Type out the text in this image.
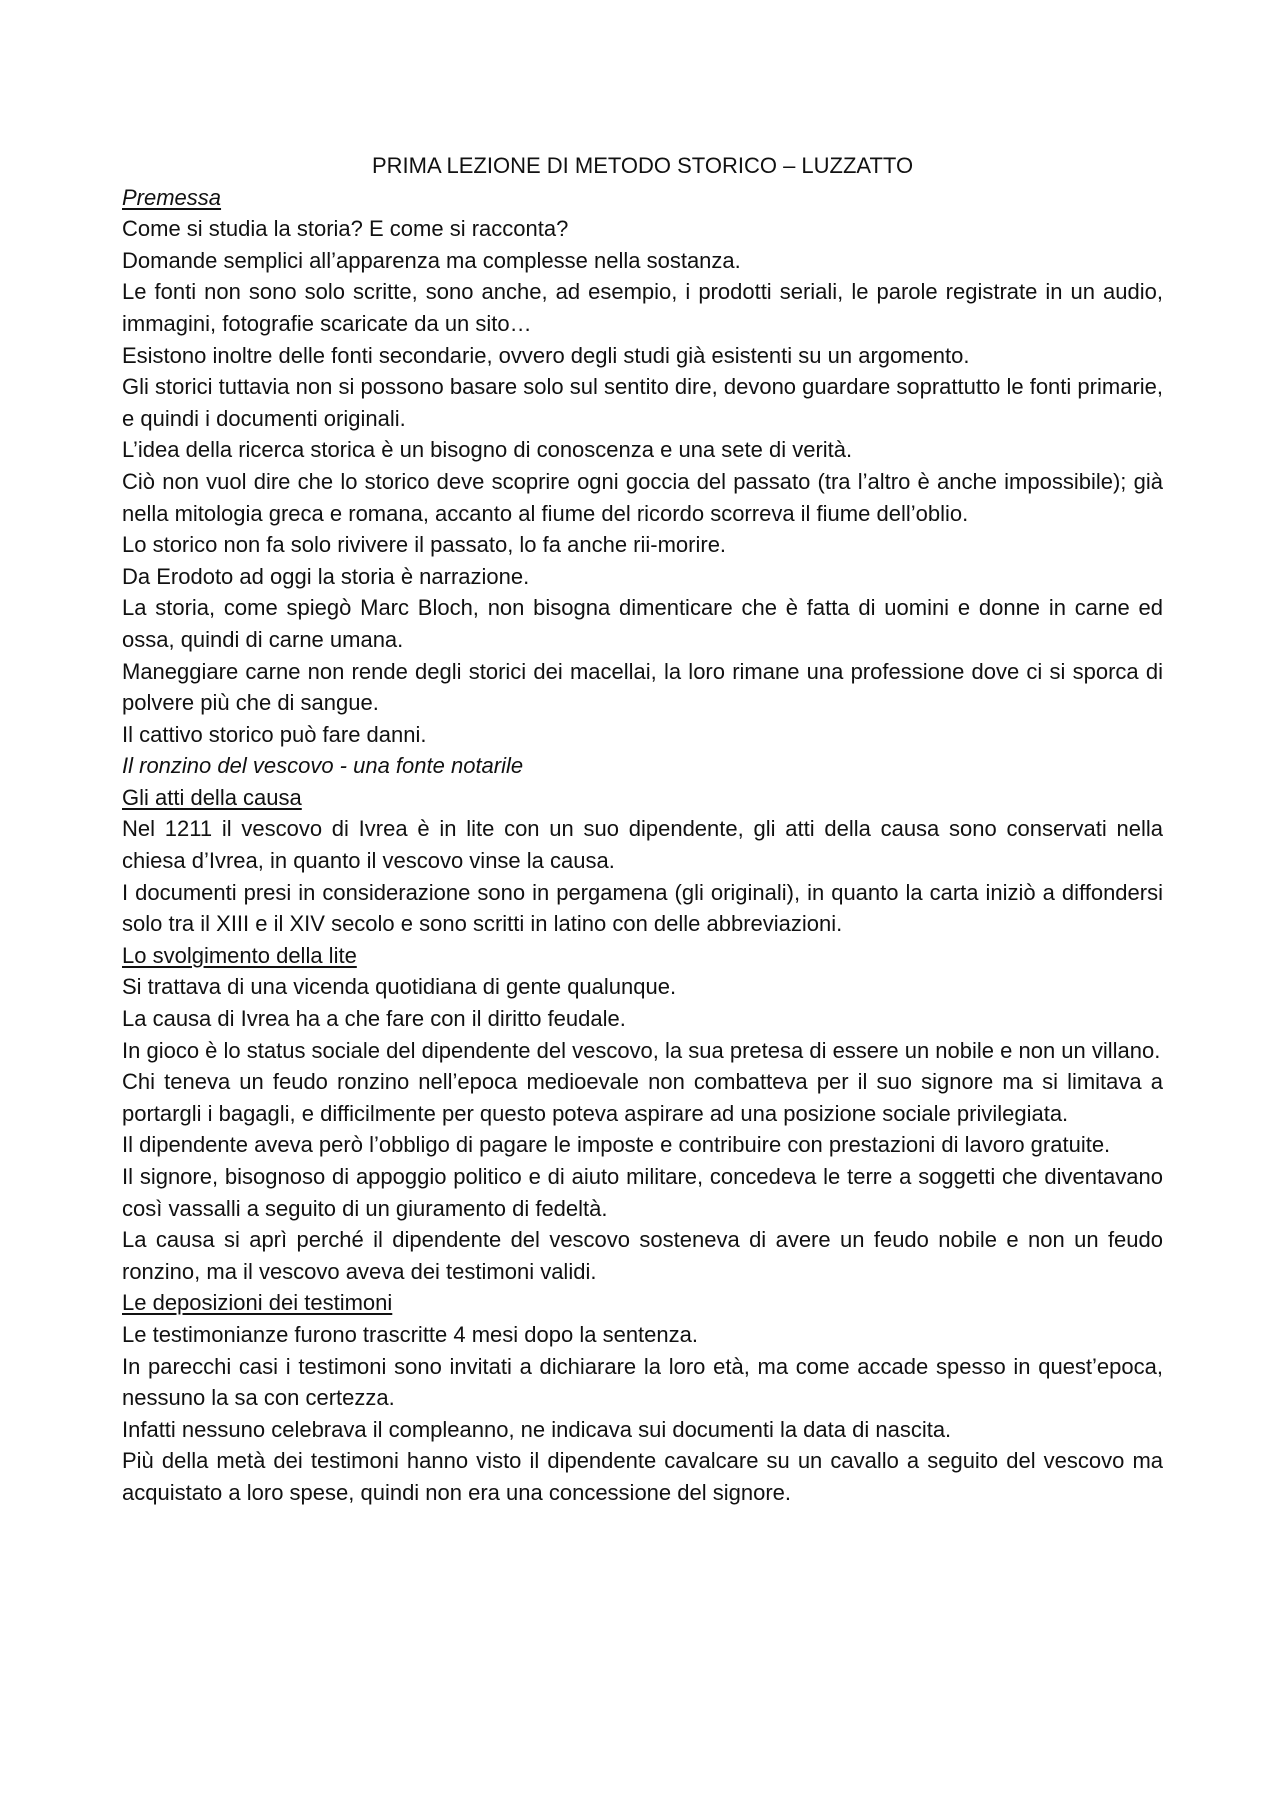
PRIMA LEZIONE DI METODO STORICO – LUZZATTO

Premessa

Come si studia la storia? E come si racconta?

Domande semplici all’apparenza ma complesse nella sostanza.

Le fonti non sono solo scritte, sono anche, ad esempio, i prodotti seriali, le parole registrate in un audio, immagini, fotografie scaricate da un sito…

Esistono inoltre delle fonti secondarie, ovvero degli studi già esistenti su un argomento.

Gli storici tuttavia non si possono basare solo sul sentito dire, devono guardare soprattutto le fonti primarie, e quindi i documenti originali.

L’idea della ricerca storica è un bisogno di conoscenza e una sete di verità.

Ciò non vuol dire che lo storico deve scoprire ogni goccia del passato (tra l’altro è anche impossibile); già nella mitologia greca e romana, accanto al fiume del ricordo scorreva il fiume dell’oblio.

Lo storico non fa solo rivivere il passato, lo fa anche rii-morire.

Da Erodoto ad oggi la storia è narrazione.

La storia, come spiegò Marc Bloch, non bisogna dimenticare che è fatta di uomini e donne in carne ed ossa, quindi di carne umana.

Maneggiare carne non rende degli storici dei macellai, la loro rimane una professione dove ci si sporca di polvere più che di sangue.

Il cattivo storico può fare danni.

Il ronzino del vescovo - una fonte notarile

Gli atti della causa

Nel 1211 il vescovo di Ivrea è in lite con un suo dipendente, gli atti della causa sono conservati nella chiesa d’Ivrea, in quanto il vescovo vinse la causa.

I documenti presi in considerazione sono in pergamena (gli originali), in quanto la carta iniziò a diffondersi solo tra il XIII e il XIV secolo e sono scritti in latino con delle abbreviazioni.

Lo svolgimento della lite

Si trattava di una vicenda quotidiana di gente qualunque.

La causa di Ivrea ha a che fare con il diritto feudale.

In gioco è lo status sociale del dipendente del vescovo, la sua pretesa di essere un nobile e non un villano.

Chi teneva un feudo ronzino nell’epoca medioevale non combatteva per il suo signore ma si limitava a portargli i bagagli, e difficilmente per questo poteva aspirare ad una posizione sociale privilegiata.

Il dipendente aveva però l’obbligo di pagare le imposte e contribuire con prestazioni di lavoro gratuite.

Il signore, bisognoso di appoggio politico e di aiuto militare, concedeva le terre a soggetti che diventavano così vassalli a seguito di un giuramento di fedeltà.

La causa si aprì perché il dipendente del vescovo sosteneva di avere un feudo nobile e non un feudo ronzino, ma il vescovo aveva dei testimoni validi.

Le deposizioni dei testimoni

Le testimonianze furono trascritte 4 mesi dopo la sentenza.

In parecchi casi i testimoni sono invitati a dichiarare la loro età, ma come accade spesso in quest’epoca, nessuno la sa con certezza.

Infatti nessuno celebrava il compleanno, ne indicava sui documenti la data di nascita.

Più della metà dei testimoni hanno visto il dipendente cavalcare su un cavallo a seguito del vescovo ma acquistato a loro spese, quindi non era una concessione del signore.
